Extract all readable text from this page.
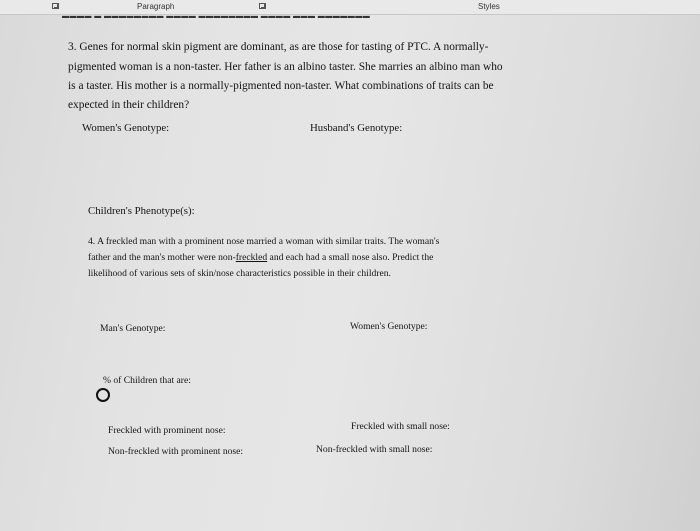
Paragraph	Styles
▬▬▬▬ ▬ ▬▬▬▬▬▬▬▬ ▬▬▬▬ ▬▬▬▬▬▬▬▬ ▬▬▬▬ ▬▬▬ ▬▬▬▬▬▬▬
3. Genes for normal skin pigment are dominant, as are those for tasting of PTC. A normally-
pigmented woman is a non-taster. Her father is an albino taster. She marries an albino man who
is a taster. His mother is a normally-pigmented non-taster. What combinations of traits can be
expected in their children?
Women's Genotype:	Husband's Genotype:
Children's Phenotype(s):
4. A freckled man with a prominent nose married a woman with similar traits. The woman's
father and the man's mother were non-freckled and each had a small nose also. Predict the
likelihood of various sets of skin/nose characteristics possible in their children.
Man's Genotype:	Women's Genotype:
% of Children that are:
Freckled with prominent nose:	Freckled with small nose:
Non-freckled with prominent nose:	Non-freckled with small nose:
